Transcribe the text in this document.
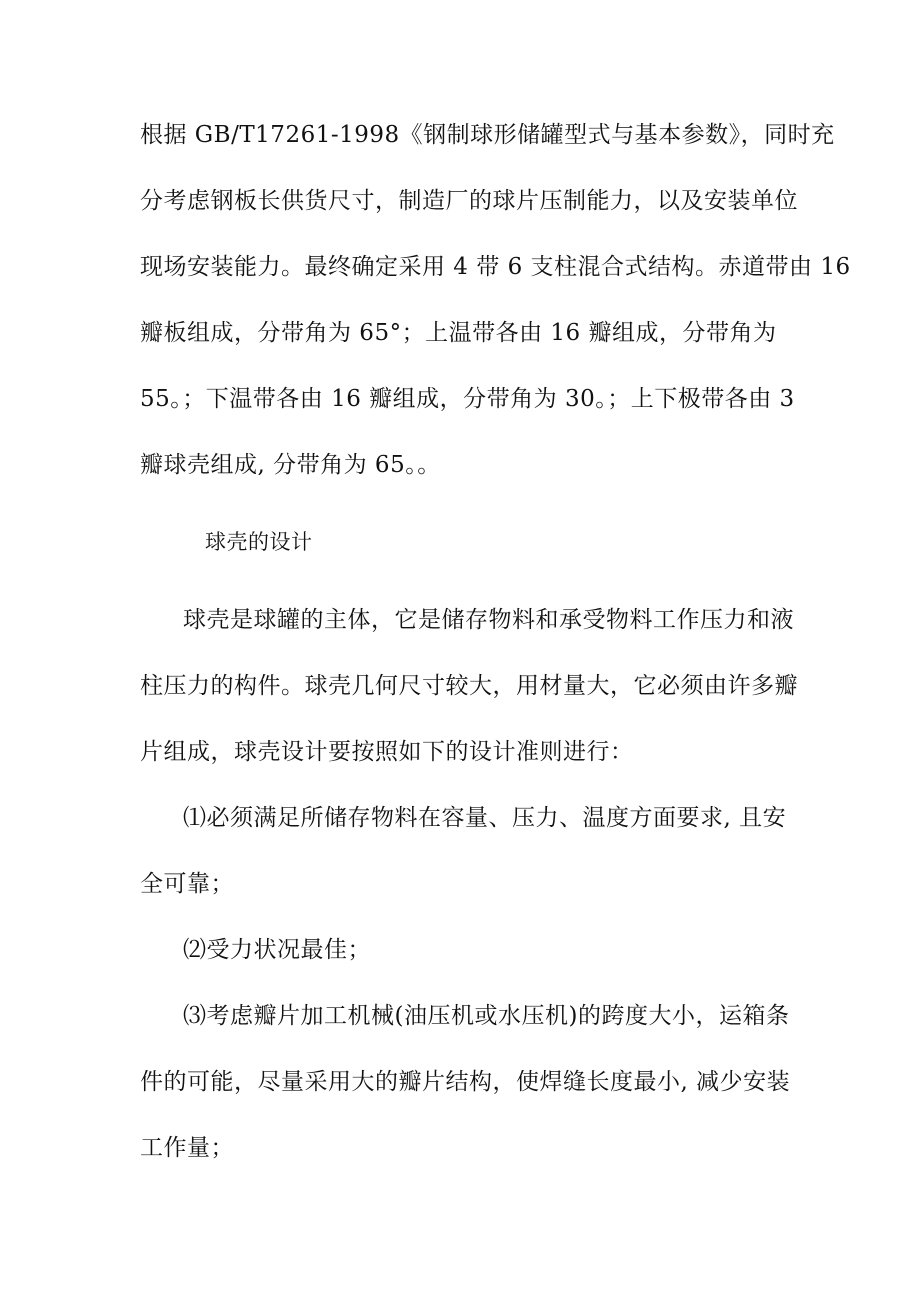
根据 GB/T17261-1998《钢制球形储罐型式与基本参数》，同时充
分考虑钢板长供货尺寸，制造厂的球片压制能力，以及安装单位
现场安装能力。最终确定采用 4 带 6 支柱混合式结构。赤道带由 16
瓣板组成，分带角为 65°；上温带各由 16 瓣组成，分带角为
55。；下温带各由 16 瓣组成，分带角为 30。；上下极带各由 3
瓣球壳组成, 分带角为 65。。
球壳的设计
球壳是球罐的主体，它是储存物料和承受物料工作压力和液
柱压力的构件。球壳几何尺寸较大，用材量大，它必须由许多瓣
片组成，球壳设计要按照如下的设计准则进行：
⑴必须满足所储存物料在容量、压力、温度方面要求, 且安
全可靠；
⑵受力状况最佳；
⑶考虑瓣片加工机械(油压机或水压机)的跨度大小，运箱条
件的可能，尽量采用大的瓣片结构，使焊缝长度最小, 减少安装
工作量；
